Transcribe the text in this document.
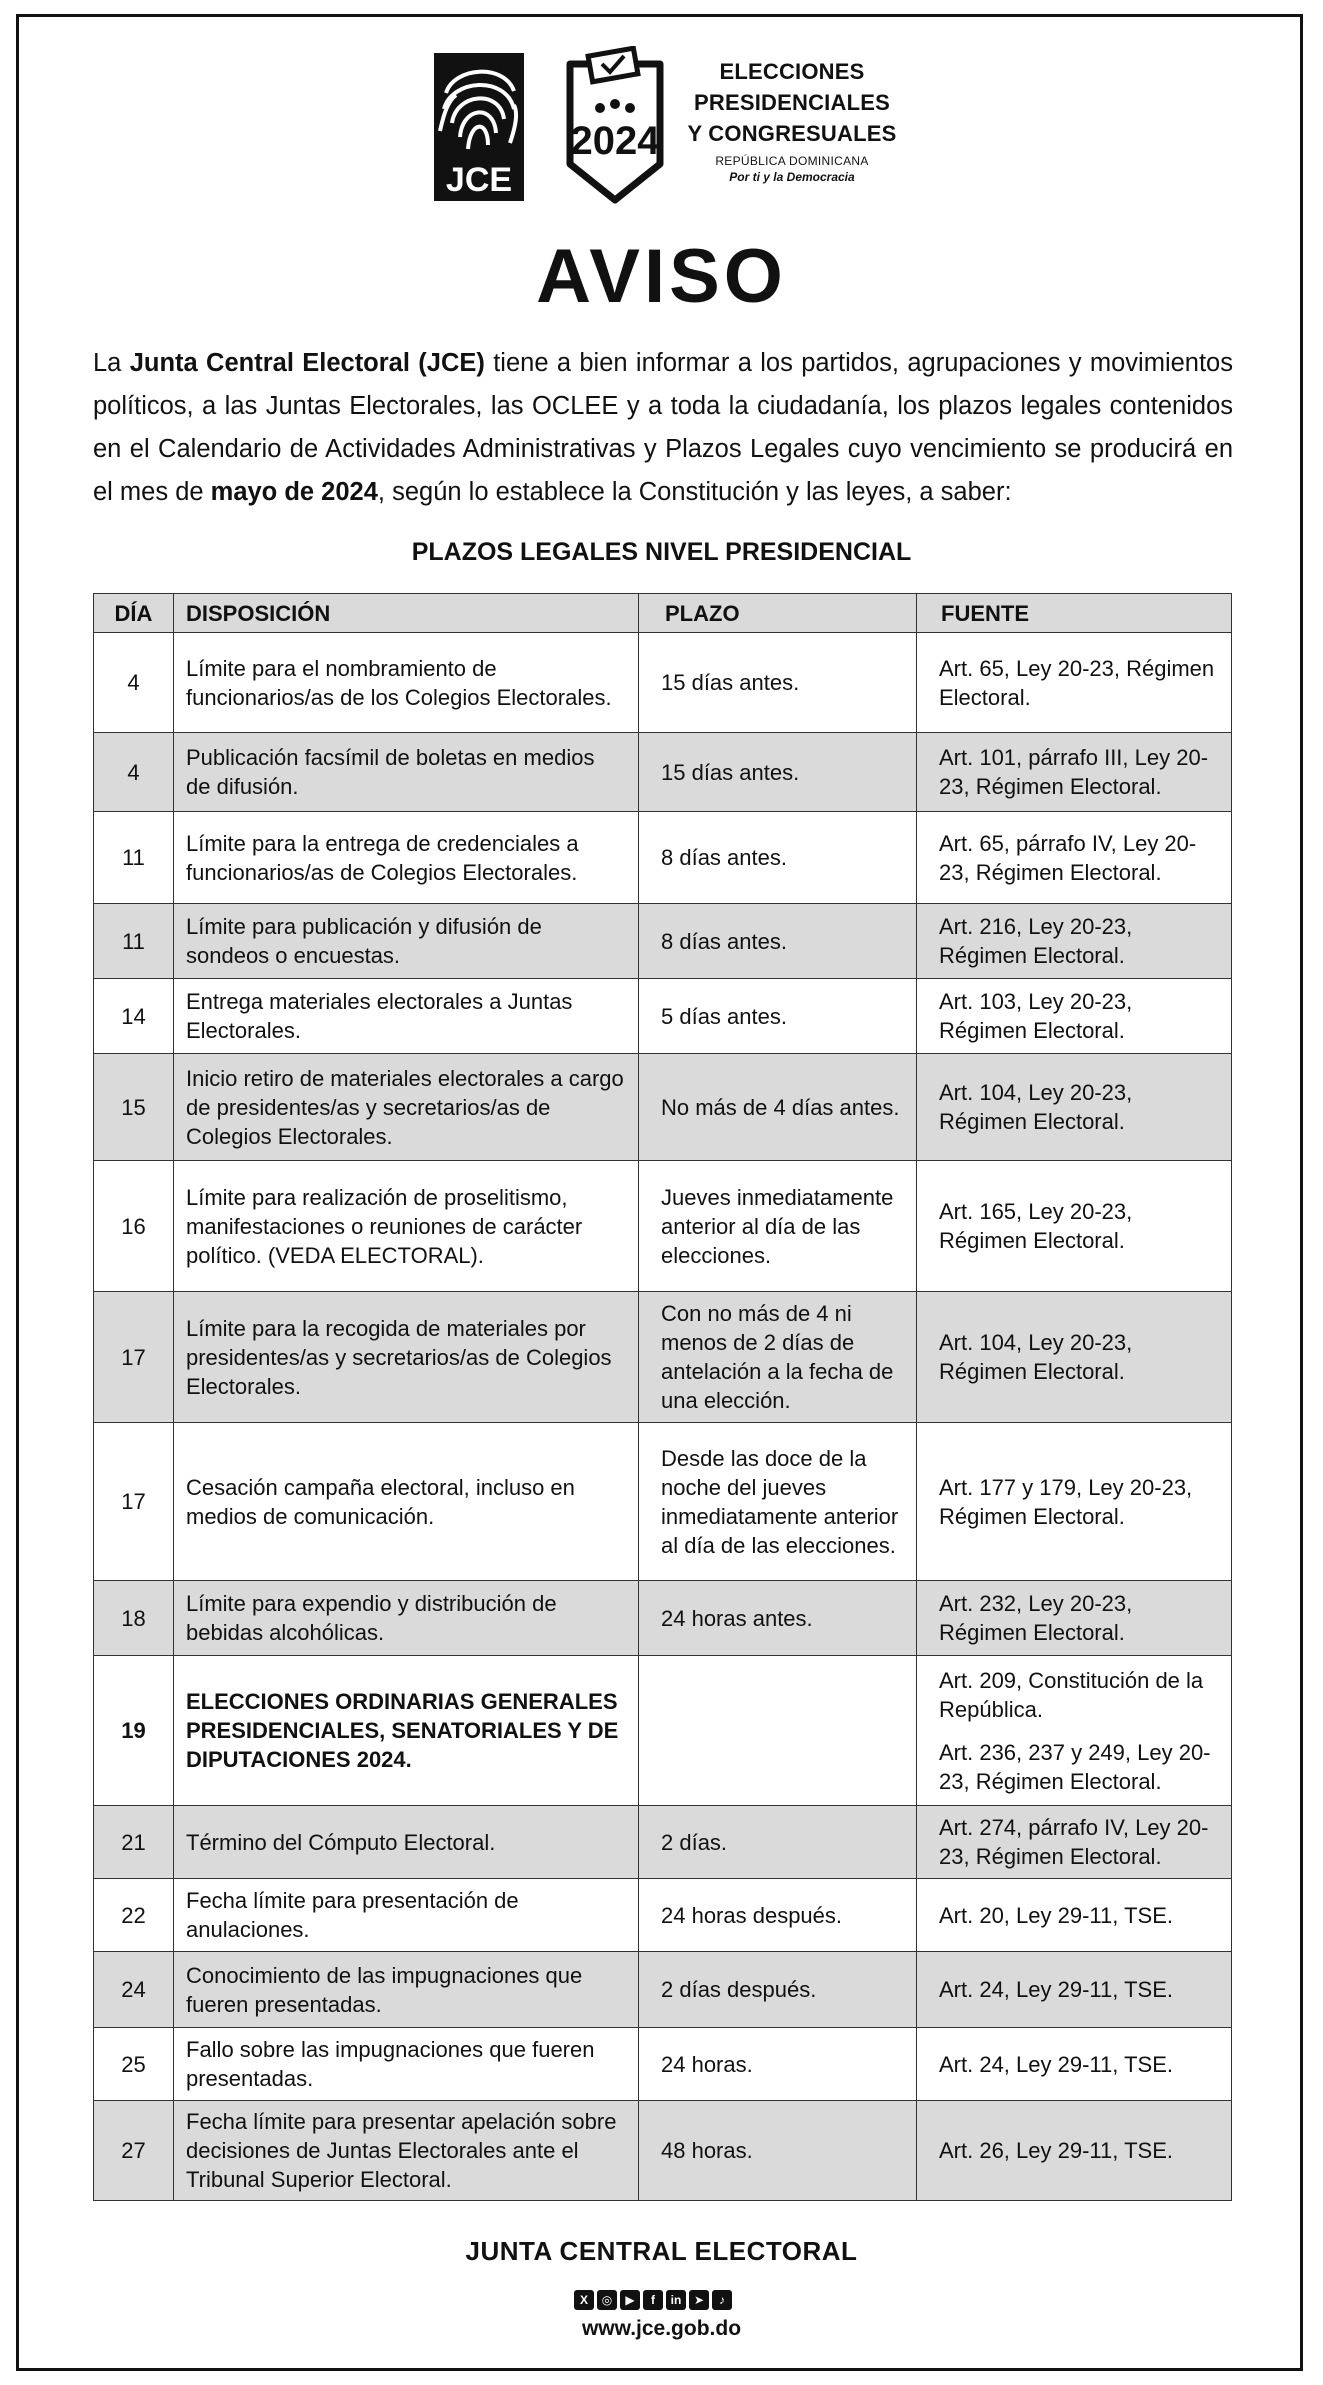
JCE
2024
ELECCIONES
PRESIDENCIALES
Y CONGRESUALES
REPÚBLICA DOMINICANA
Por ti y la Democracia
AVISO
La Junta Central Electoral (JCE) tiene a bien informar a los partidos, agrupaciones y movimientos políticos, a las Juntas Electorales, las OCLEE y a toda la ciudadanía, los plazos legales contenidos en el Calendario de Actividades Administrativas y Plazos Legales cuyo vencimiento se producirá en el mes de mayo de 2024, según lo establece la Constitución y las leyes, a saber:
PLAZOS LEGALES NIVEL PRESIDENCIAL
DÍA	DISPOSICIÓN	PLAZO	FUENTE
4	Límite para el nombramiento de funcionarios/as de los Colegios Electorales.	15 días antes.	Art. 65, Ley 20-23, Régimen Electoral.
4	Publicación facsímil de boletas en medios de difusión.	15 días antes.	Art. 101, párrafo III, Ley 20-23, Régimen Electoral.
11	Límite para la entrega de credenciales a funcionarios/as de Colegios Electorales.	8 días antes.	Art. 65, párrafo IV, Ley 20-23, Régimen Electoral.
11	Límite para publicación y difusión de sondeos o encuestas.	8 días antes.	Art. 216, Ley 20-23, Régimen Electoral.
14	Entrega materiales electorales a Juntas Electorales.	5 días antes.	Art. 103, Ley 20-23, Régimen Electoral.
15	Inicio retiro de materiales electorales a cargo de presidentes/as y secretarios/as de Colegios Electorales.	No más de 4 días antes.	Art. 104, Ley 20-23, Régimen Electoral.
16	Límite para realización de proselitismo, manifestaciones o reuniones de carácter político. (VEDA ELECTORAL).	Jueves inmediatamente anterior al día de las elecciones.	Art. 165, Ley 20-23, Régimen Electoral.
17	Límite para la recogida de materiales por presidentes/as y secretarios/as de Colegios Electorales.	Con no más de 4 ni menos de 2 días de antelación a la fecha de una elección.	Art. 104, Ley 20-23, Régimen Electoral.
17	Cesación campaña electoral, incluso en medios de comunicación.	Desde las doce de la noche del jueves inmediatamente anterior al día de las elecciones.	Art. 177 y 179, Ley 20-23, Régimen Electoral.
18	Límite para expendio y distribución de bebidas alcohólicas.	24 horas antes.	Art. 232, Ley 20-23, Régimen Electoral.
19	ELECCIONES ORDINARIAS GENERALES PRESIDENCIALES, SENATORIALES Y DE DIPUTACIONES 2024.		Art. 209, Constitución de la República.
Art. 236, 237 y 249, Ley 20-23, Régimen Electoral.

21	Término del Cómputo Electoral.	2 días.	Art. 274, párrafo IV, Ley 20-23, Régimen Electoral.
22	Fecha límite para presentación de anulaciones.	24 horas después.	Art. 20, Ley 29-11, TSE.
24	Conocimiento de las impugnaciones que fueren presentadas.	2 días después.	Art. 24, Ley 29-11, TSE.
25	Fallo sobre las impugnaciones que fueren presentadas.	24 horas.	Art. 24, Ley 29-11, TSE.
27	Fecha límite para presentar apelación sobre decisiones de Juntas Electorales ante el Tribunal Superior Electoral.	48 horas.	Art. 26, Ley 29-11, TSE.
JUNTA CENTRAL ELECTORAL
X	◎	▶	f	in	➤	♪
www.jce.gob.do
